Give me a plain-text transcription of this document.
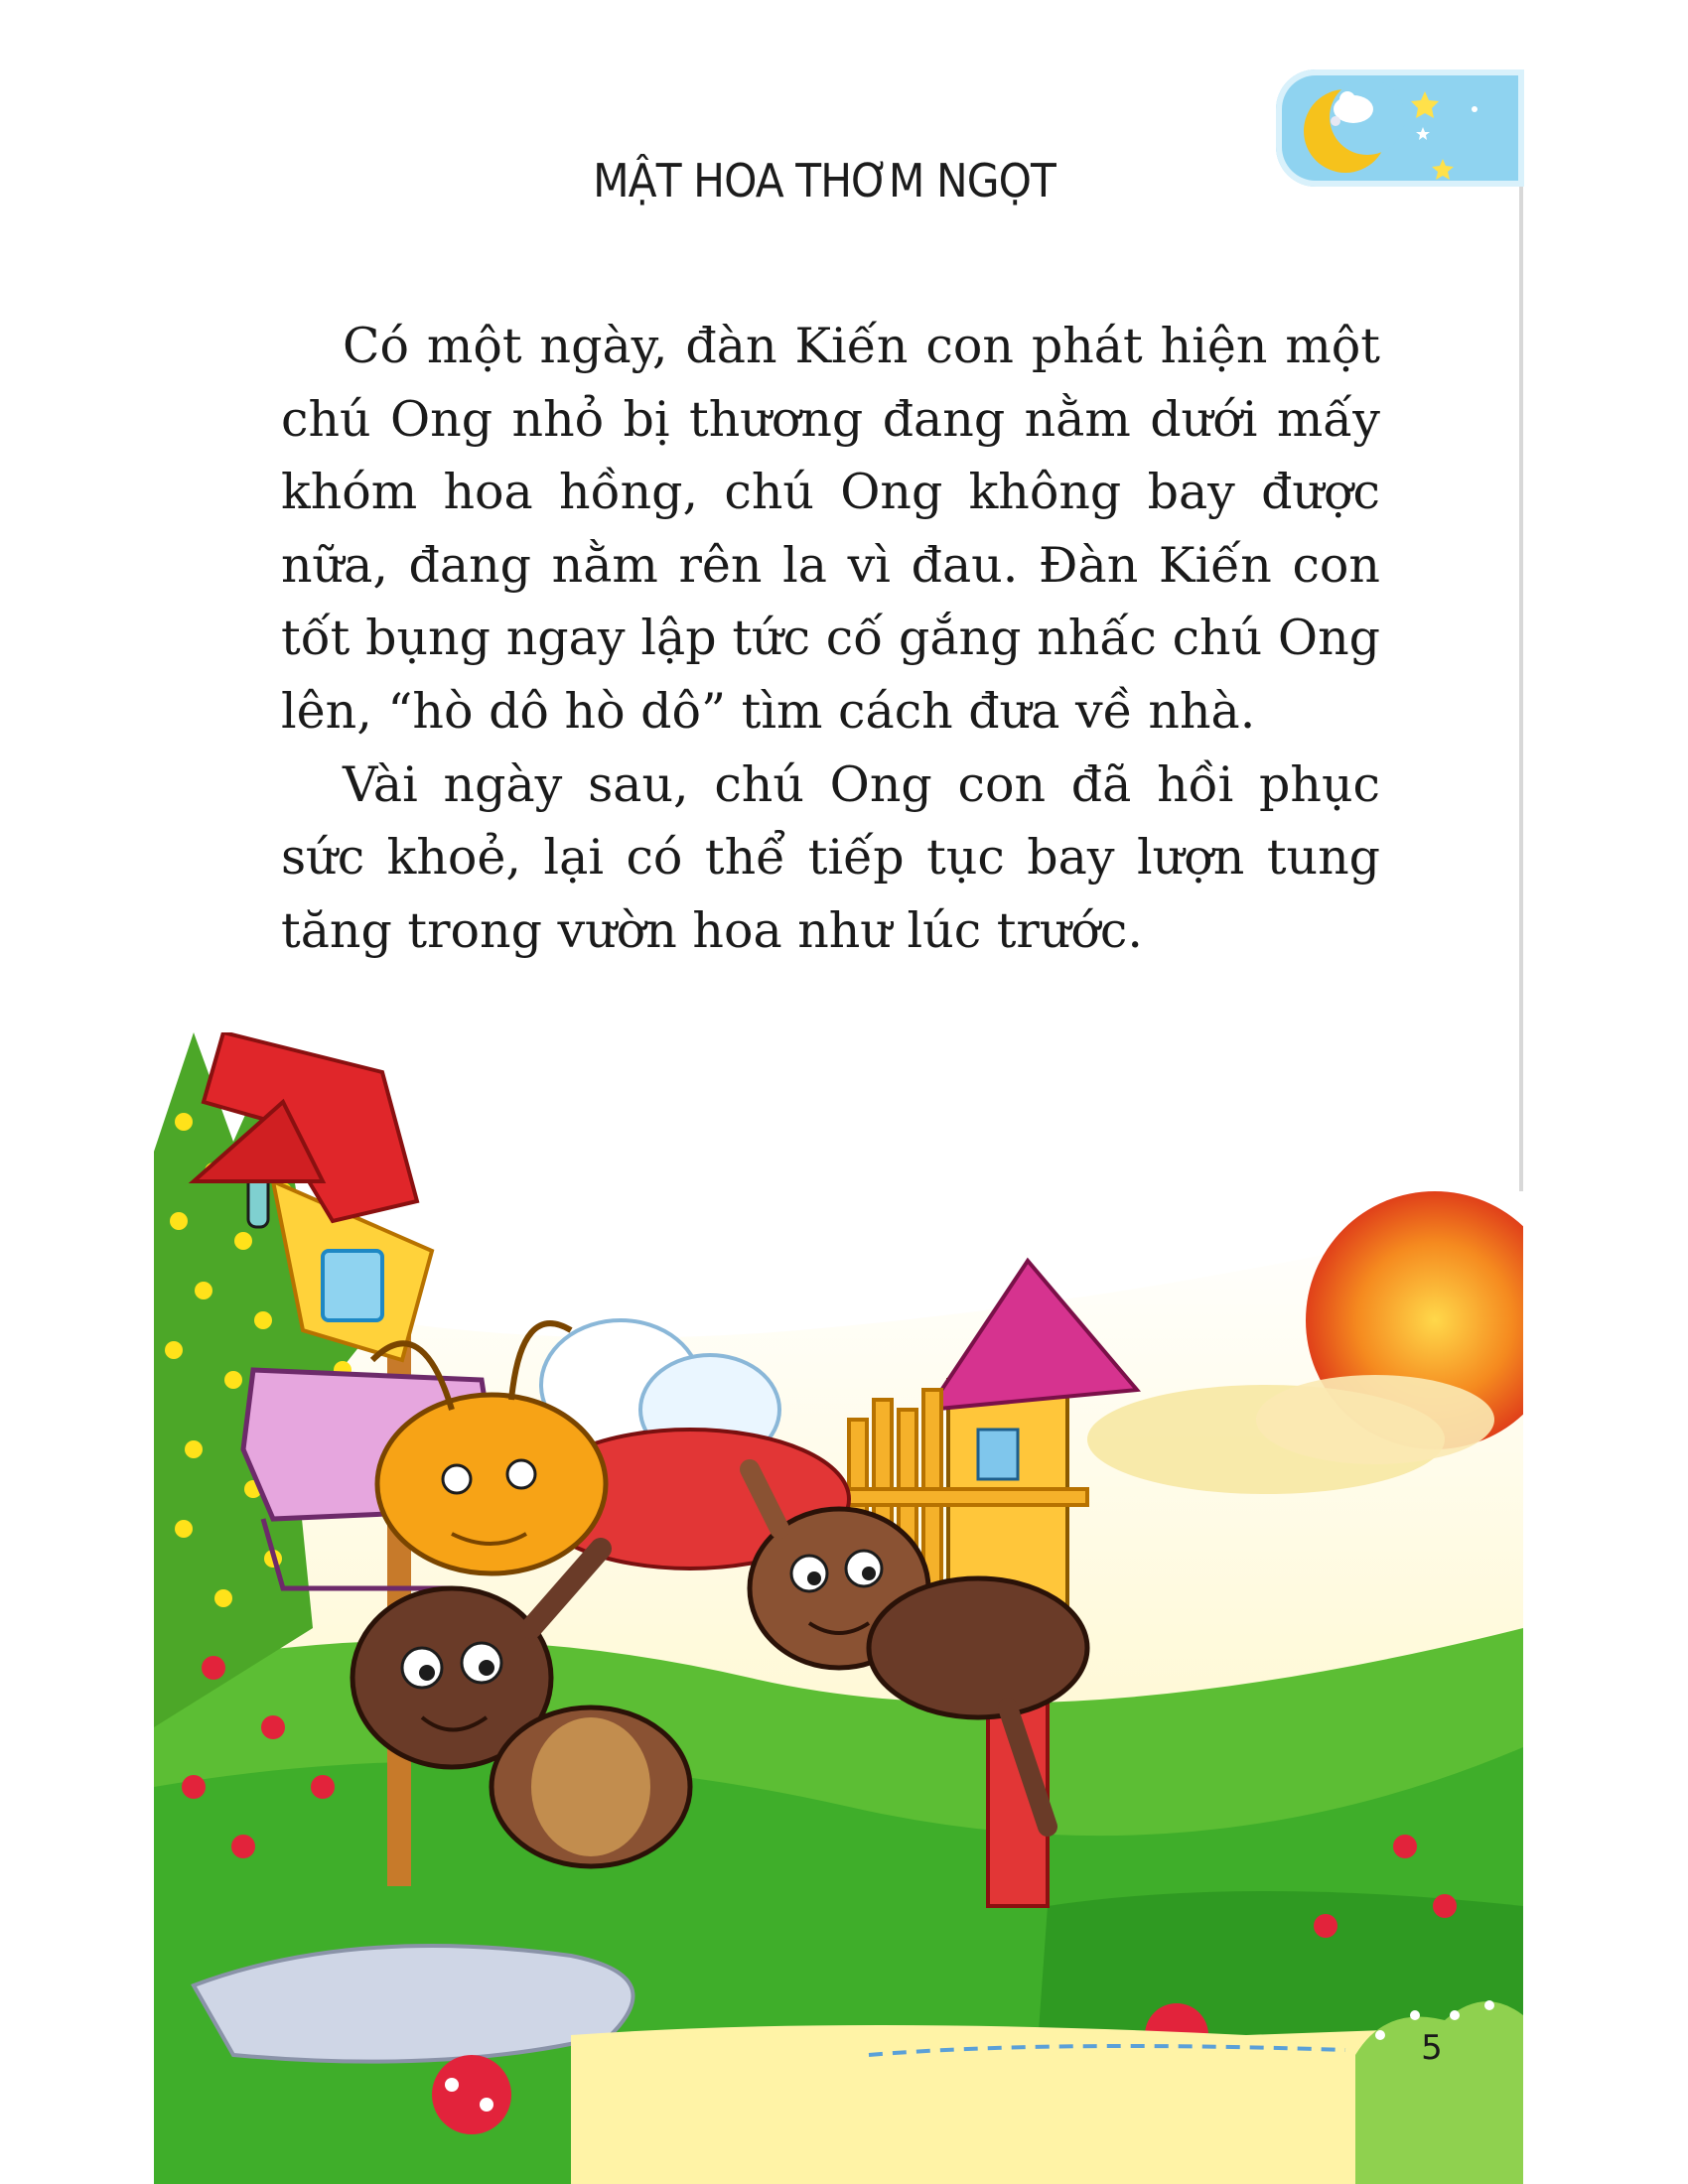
MẬT HOA THƠM NGỌT

Có một ngày, đàn Kiến con phát hiện một chú Ong nhỏ bị thương đang nằm dưới mấy khóm hoa hồng, chú Ong không bay được nữa, đang nằm rên la vì đau. Đàn Kiến con tốt bụng ngay lập tức cố gắng nhấc chú Ong lên, “hò dô hò dô” tìm cách đưa về nhà.

Vài ngày sau, chú Ong con đã hồi phục sức khoẻ, lại có thể tiếp tục bay lượn tung tăng trong vườn hoa như lúc trước.

5
